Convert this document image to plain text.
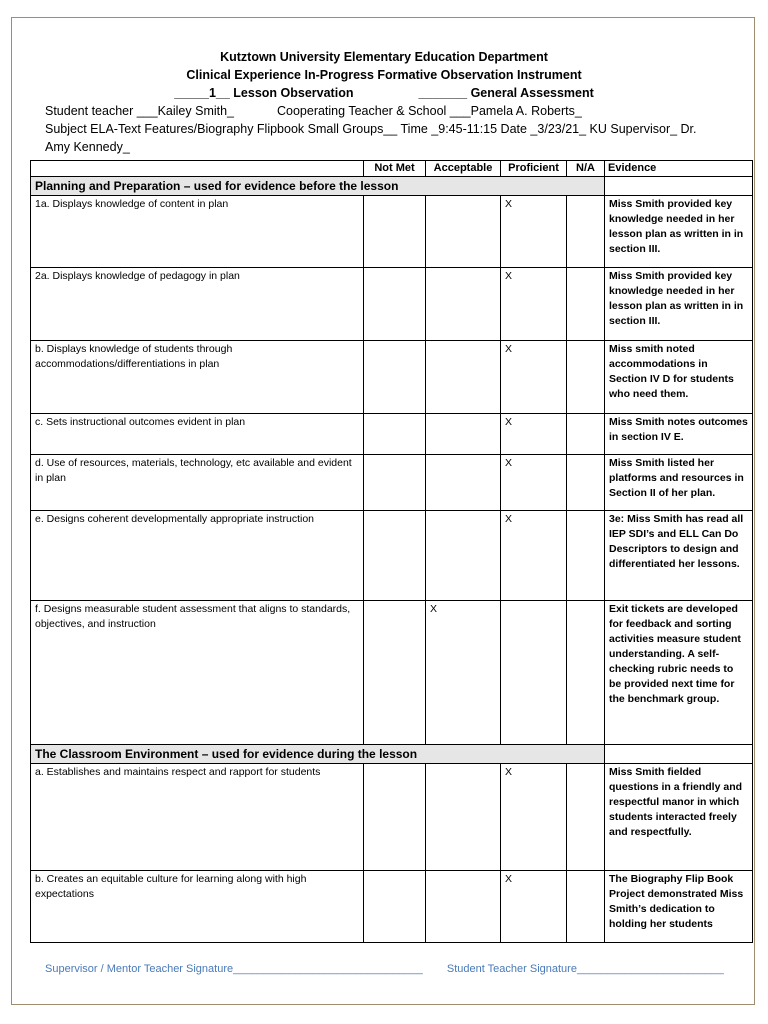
Kutztown University Elementary Education Department
Clinical Experience In-Progress Formative Observation Instrument
_____1__ Lesson Observation	_______ General Assessment
Student teacher ___Kailey Smith_	Cooperating Teacher & School ___Pamela A. Roberts_
Subject ELA-Text Features/Biography Flipbook Small Groups__ Time _9:45-11:15 Date _3/23/21_ KU Supervisor_ Dr.
Amy Kennedy_
	Not Met	Acceptable	Proficient	N/A	Evidence
Planning and Preparation – used for evidence before the lesson					
1a. Displays knowledge of content in plan			X		Miss Smith provided key knowledge needed in her lesson plan as written in in section III.
2a. Displays knowledge of pedagogy in plan			X		Miss Smith provided key knowledge needed in her lesson plan as written in in section III.
b. Displays knowledge of students through accommodations/differentiations in plan			X		Miss smith noted accommodations in Section IV D for students who need them.
c. Sets instructional outcomes evident in plan			X		Miss Smith notes outcomes in section IV E.
d. Use of resources, materials, technology, etc available and evident in plan			X		Miss Smith listed her platforms and resources in Section II of her plan.
e. Designs coherent developmentally appropriate instruction			X		3e: Miss Smith has read all IEP SDI’s and ELL Can Do Descriptors to design and differentiated her lessons.
f. Designs measurable student assessment that aligns to standards, objectives, and instruction		X			Exit tickets are developed for feedback and sorting activities measure student understanding. A self-checking rubric needs to be provided next time for the benchmark group.
The Classroom Environment – used for evidence during the lesson					
a. Establishes and maintains respect and rapport for students			X		Miss Smith fielded questions in a friendly and respectful manor in which students interacted freely and respectfully.
b. Creates an equitable culture for learning along with high expectations			X		The Biography Flip Book Project demonstrated Miss Smith’s dedication to holding her students
Supervisor / Mentor Teacher Signature_______________________________ Student Teacher Signature________________________
